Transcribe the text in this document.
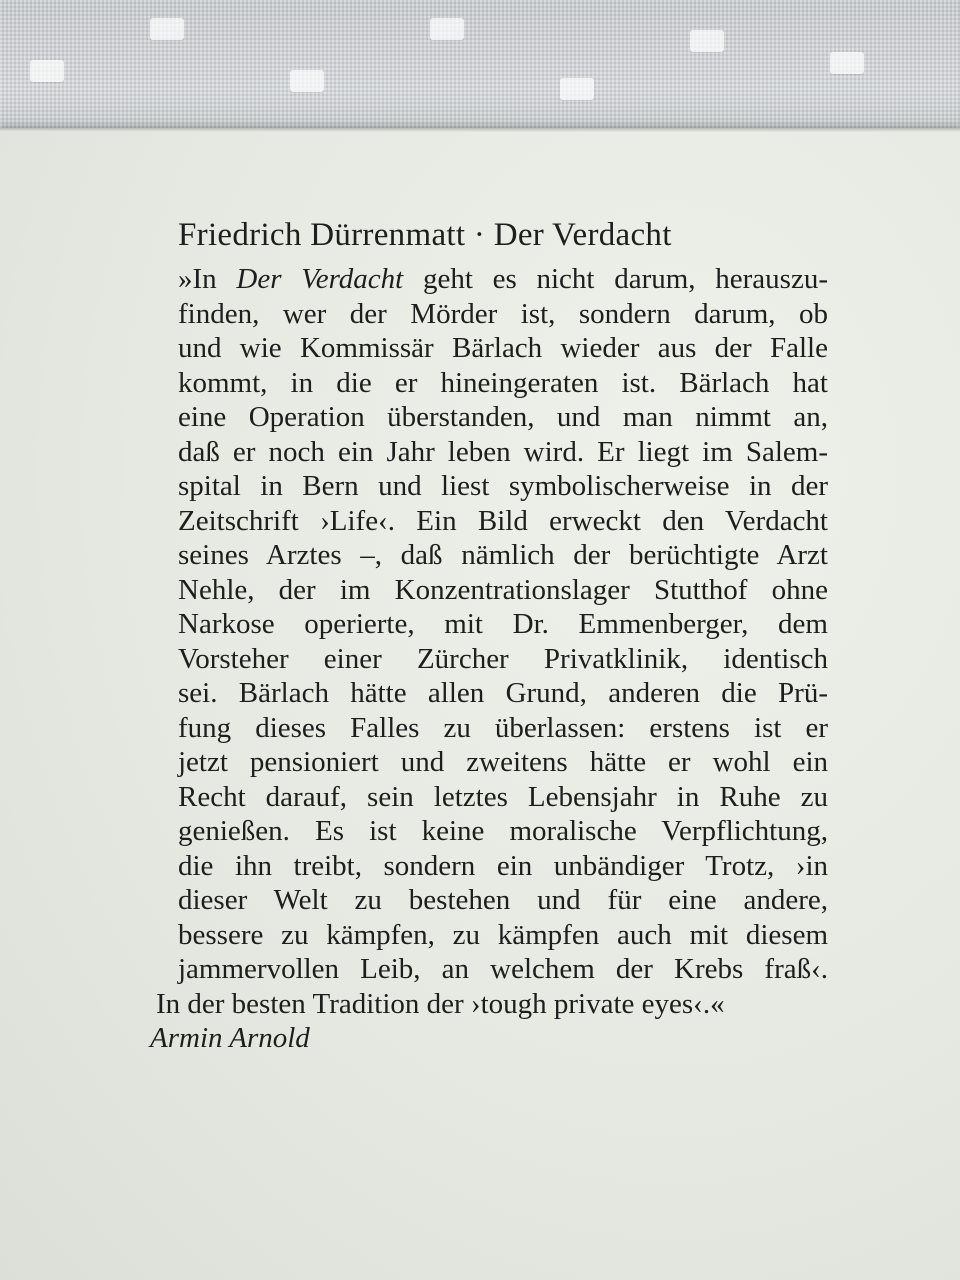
Friedrich Dürrenmatt · Der Verdacht
»In Der Verdacht geht es nicht darum, herauszu-
finden, wer der Mörder ist, sondern darum, ob
und wie Kommissär Bärlach wieder aus der Falle
kommt, in die er hineingeraten ist. Bärlach hat
eine Operation überstanden, und man nimmt an,
daß er noch ein Jahr leben wird. Er liegt im Salem-
spital in Bern und liest symbolischerweise in der
Zeitschrift ›Life‹. Ein Bild erweckt den Verdacht
seines Arztes –, daß nämlich der berüchtigte Arzt
Nehle, der im Konzentrationslager Stutthof ohne
Narkose operierte, mit Dr. Emmenberger, dem
Vorsteher einer Zürcher Privatklinik, identisch
sei. Bärlach hätte allen Grund, anderen die Prü-
fung dieses Falles zu überlassen: erstens ist er
jetzt pensioniert und zweitens hätte er wohl ein
Recht darauf, sein letztes Lebensjahr in Ruhe zu
genießen. Es ist keine moralische Verpflichtung,
die ihn treibt, sondern ein unbändiger Trotz, ›in
dieser Welt zu bestehen und für eine andere,
bessere zu kämpfen, zu kämpfen auch mit diesem
jammervollen Leib, an welchem der Krebs fraß‹.
In der besten Tradition der ›tough private eyes‹.«
Armin Arnold
